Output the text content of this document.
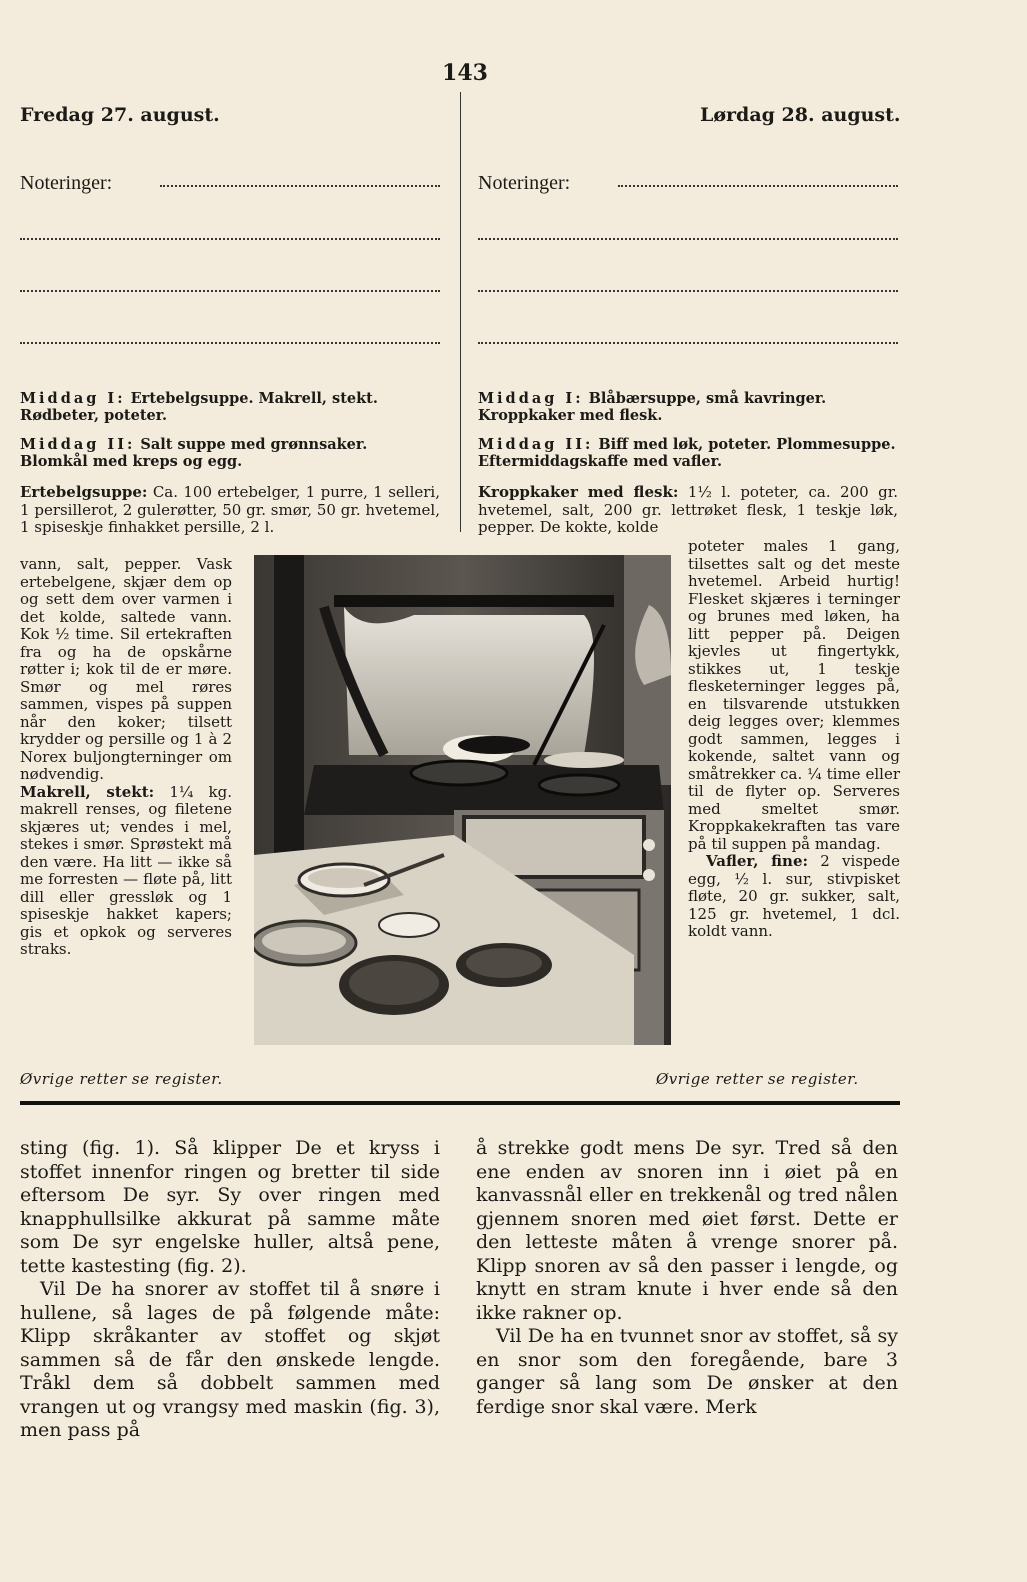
143
Fredag 27. august.	Lørdag 28. august.
Noteringer:	Noteringer:
Middag I: Ertebelgsuppe. Makrell, stekt. Rødbeter, poteter.
Middag II: Salt suppe med grønnsaker. Blomkål med kreps og egg.
Middag I: Blåbærsuppe, små kavringer. Kroppkaker med flesk.
Middag II: Biff med løk, poteter. Plommesuppe. Eftermiddagskaffe med vafler.
Ertebelgsuppe: Ca. 100 ertebelger, 1 purre, 1 selleri, 1 persillerot, 2 gulerøtter, 50 gr. smør, 50 gr. hvetemel, 1 spiseskje finhakket persille, 2 l.
vann, salt, pepper. Vask ertebelgene, skjær dem op og sett dem over varmen i det kolde, saltede vann. Kok ½ time. Sil ertekraften fra og ha de opskårne røtter i; kok til de er møre. Smør og mel røres sammen, vispes på suppen når den koker; tilsett krydder og persille og 1 à 2 Norex buljongterninger om nødvendig.
Makrell, stekt: 1¼ kg. makrell renses, og filetene skjæres ut; vendes i mel, stekes i smør. Sprøstekt må den være. Ha litt — ikke så me forresten — fløte på, litt dill eller gressløk og 1 spiseskje hakket kapers; gis et opkok og serveres straks.
Kroppkaker med flesk: 1½ l. poteter, ca. 200 gr. hvetemel, salt, 200 gr. lettrøket flesk, 1 teskje løk, pepper. De kokte, kolde
poteter males 1 gang, tilsettes salt og det meste hvetemel. Arbeid hurtig! Flesket skjæres i terninger og brunes med løken, ha litt pepper på. Deigen kjevles ut fingertykk, stikkes ut, 1 teskje flesketerninger legges på, en tilsvarende utstukken deig legges over; klemmes godt sammen, legges i kokende, saltet vann og småtrekker ca. ¼ time eller til de flyter op. Serveres med smeltet smør. Kroppkakekraften tas vare på til suppen på mandag.
Vafler, fine: 2 vispede egg, ½ l. sur, stivpisket fløte, 20 gr. sukker, salt, 125 gr. hvetemel, 1 dcl. koldt vann.
Øvrige retter se register.	Øvrige retter se register.

sting (fig. 1). Så klipper De et kryss i stoffet innenfor ringen og bretter til side eftersom De syr. Sy over ringen med knapphullsilke akkurat på samme måte som De syr engelske huller, altså pene, tette kastesting (fig. 2).

Vil De ha snorer av stoffet til å snøre i hullene, så lages de på følgende måte: Klipp skråkanter av stoffet og skjøt sammen så de får den ønskede lengde. Tråkl dem så dobbelt sammen med vrangen ut og vrangsy med maskin (fig. 3), men pass på

å strekke godt mens De syr. Tred så den ene enden av snoren inn i øiet på en kanvassnål eller en trekkenål og tred nålen gjennem snoren med øiet først. Dette er den letteste måten å vrenge snorer på. Klipp snoren av så den passer i lengde, og knytt en stram knute i hver ende så den ikke rakner op.

Vil De ha en tvunnet snor av stoffet, så sy en snor som den foregående, bare 3 ganger så lang som De ønsker at den ferdige snor skal være. Merk
